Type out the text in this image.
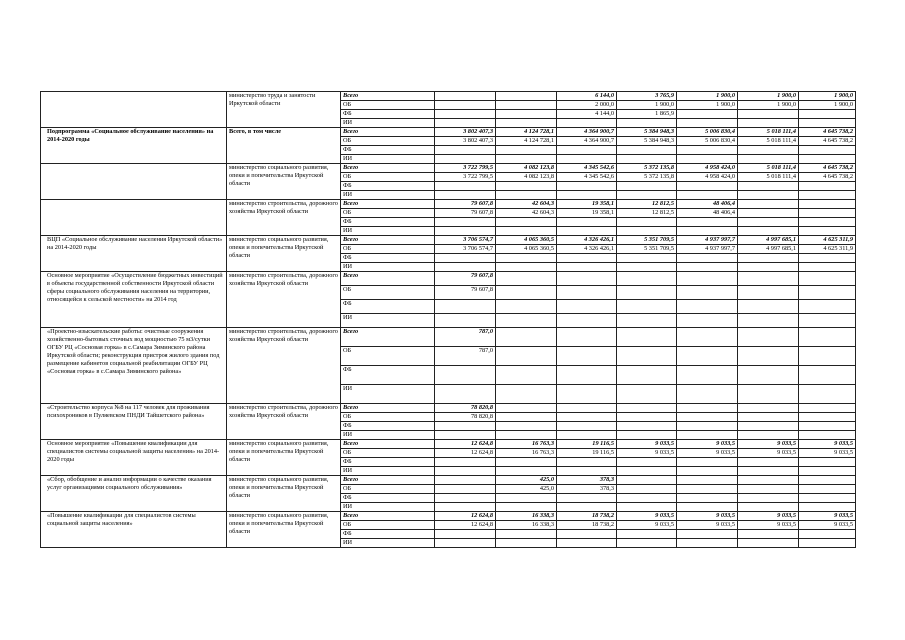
	министерство труда и занятости Иркутской области	Всего			6 144,0	3 765,9	1 900,0	1 900,0	1 900,0
		ОБ			2 000,0	1 900,0	1 900,0	1 900,0	1 900,0
		ФБ			4 144,0	1 865,9			
		ИИ							
Подпрограмма «Социальное обслуживание населения» на 2014-2020 годы	Всего, в том числе	Всего	3 802 407,3	4 124 728,1	4 364 900,7	5 384 948,3	5 006 830,4	5 018 111,4	4 645 738,2
		ОБ	3 802 407,3	4 124 728,1	4 364 900,7	5 384 948,3	5 006 830,4	5 018 111,4	4 645 738,2
		ФБ							
		ИИ							
	министерство социального развития, опеки и попечительства Иркутской области	Всего	3 722 799,5	4 082 123,8	4 345 542,6	5 372 135,8	4 958 424,0	5 018 111,4	4 645 738,2
		ОБ	3 722 799,5	4 082 123,8	4 345 542,6	5 372 135,8	4 958 424,0	5 018 111,4	4 645 738,2
		ФБ							
		ИИ							
	министерство строительства, дорожного хозяйства Иркутской области	Всего	79 607,8	42 604,3	19 358,1	12 812,5	48 406,4		
		ОБ	79 607,8	42 604,3	19 358,1	12 812,5	48 406,4		
		ФБ							
		ИИ							
ВЦП «Социальное обслуживание населения Иркутской области» на 2014-2020 годы	министерство социального развития, опеки и попечительства Иркутской области	Всего	3 706 574,7	4 065 360,5	4 326 426,1	5 351 709,5	4 937 997,7	4 997 685,1	4 625 311,9
		ОБ	3 706 574,7	4 065 360,5	4 326 426,1	5 351 709,5	4 937 997,7	4 997 685,1	4 625 311,9
		ФБ							
		ИИ							
Основное мероприятие «Осуществление бюджетных инвестиций в объекты государственной собственности Иркутской области сферы социального обслуживания населения на территории, относящейся к сельской местности» на 2014 год	министерство строительства, дорожного хозяйства Иркутской области	Всего	79 607,8						
		ОБ	79 607,8						
		ФБ							
		ИИ							
«Проектно-изыскательские работы: очистные сооружения хозяйственно-бытовых сточных вод мощностью 75 м3/сутки ОГБУ РЦ «Сосновая горка» в с.Самара Зиминского района Иркутской области; реконструкция пристроя жилого здания под размещение кабинетов социальной реабилитации ОГБУ РЦ «Сосновая горка» в с.Самара Зиминского района»	министерство строительства, дорожного хозяйства Иркутской области	Всего	787,0						
		ОБ	787,0						
		ФБ							
		ИИ							
«Строительство корпуса №8 на 117 человек для проживания психохроников в Пуляевском ПНДИ Тайшетского района»	министерство строительства, дорожного хозяйства Иркутской области	Всего	78 820,8						
		ОБ	78 820,8						
		ФБ							
		ИИ							
Основное мероприятие «Повышение квалификации для специалистов системы социальной защиты населения» на 2014-2020 годы	министерство социального развития, опеки и попечительства Иркутской области	Всего	12 624,8	16 763,3	19 116,5	9 033,5	9 033,5	9 033,5	9 033,5
		ОБ	12 624,8	16 763,3	19 116,5	9 033,5	9 033,5	9 033,5	9 033,5
		ФБ							
		ИИ							
«Сбор, обобщение и анализ информации о качестве оказания услуг организациями социального обслуживания»	министерство социального развития, опеки и попечительства Иркутской области	Всего		425,0	378,3				
		ОБ		425,0	378,3				
		ФБ							
		ИИ							
«Повышение квалификации для специалистов системы социальной защиты населения»	министерство социального развития, опеки и попечительства Иркутской области	Всего	12 624,8	16 338,3	18 738,2	9 033,5	9 033,5	9 033,5	9 033,5
		ОБ	12 624,8	16 338,3	18 738,2	9 033,5	9 033,5	9 033,5	9 033,5
		ФБ							
		ИИ							
